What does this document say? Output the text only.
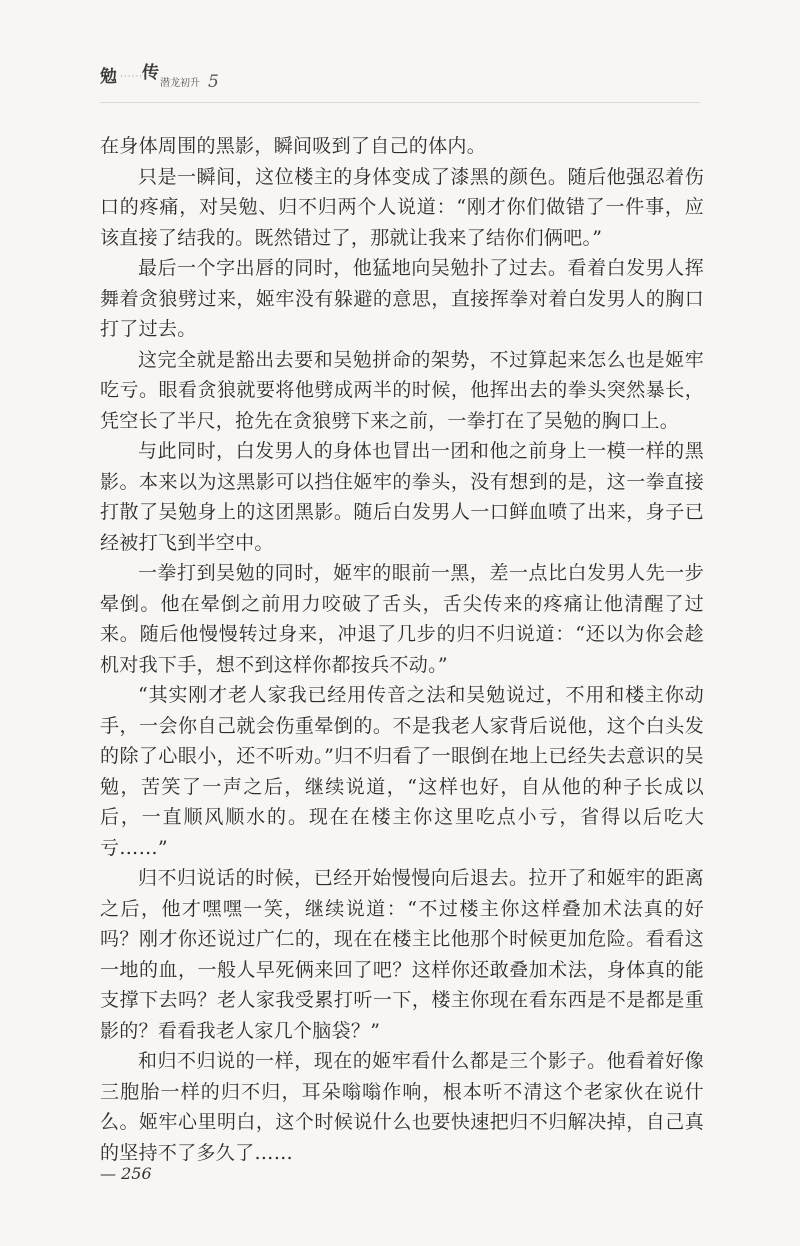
勉 ·······
传
潜龙初升 5

在身体周围的黑影，瞬间吸到了自己的体内。

只是一瞬间，这位楼主的身体变成了漆黑的颜色。随后他强忍着伤口的疼痛，对吴勉、归不归两个人说道：“刚才你们做错了一件事，应该直接了结我的。既然错过了，那就让我来了结你们俩吧。”

最后一个字出唇的同时，他猛地向吴勉扑了过去。看着白发男人挥舞着贪狼劈过来，姬牢没有躲避的意思，直接挥拳对着白发男人的胸口打了过去。

这完全就是豁出去要和吴勉拼命的架势，不过算起来怎么也是姬牢吃亏。眼看贪狼就要将他劈成两半的时候，他挥出去的拳头突然暴长，凭空长了半尺，抢先在贪狼劈下来之前，一拳打在了吴勉的胸口上。

与此同时，白发男人的身体也冒出一团和他之前身上一模一样的黑影。本来以为这黑影可以挡住姬牢的拳头，没有想到的是，这一拳直接打散了吴勉身上的这团黑影。随后白发男人一口鲜血喷了出来，身子已经被打飞到半空中。

一拳打到吴勉的同时，姬牢的眼前一黑，差一点比白发男人先一步晕倒。他在晕倒之前用力咬破了舌头，舌尖传来的疼痛让他清醒了过来。随后他慢慢转过身来，冲退了几步的归不归说道：“还以为你会趁机对我下手，想不到这样你都按兵不动。”

“其实刚才老人家我已经用传音之法和吴勉说过，不用和楼主你动手，一会你自己就会伤重晕倒的。不是我老人家背后说他，这个白头发的除了心眼小，还不听劝。”归不归看了一眼倒在地上已经失去意识的吴勉，苦笑了一声之后，继续说道，“这样也好，自从他的种子长成以后，一直顺风顺水的。现在在楼主你这里吃点小亏，省得以后吃大亏……”

归不归说话的时候，已经开始慢慢向后退去。拉开了和姬牢的距离之后，他才嘿嘿一笑，继续说道：“不过楼主你这样叠加术法真的好吗？刚才你还说过广仁的，现在在楼主比他那个时候更加危险。看看这一地的血，一般人早死俩来回了吧？这样你还敢叠加术法，身体真的能支撑下去吗？老人家我受累打听一下，楼主你现在看东西是不是都是重影的？看看我老人家几个脑袋？”

和归不归说的一样，现在的姬牢看什么都是三个影子。他看着好像三胞胎一样的归不归，耳朵嗡嗡作响，根本听不清这个老家伙在说什么。姬牢心里明白，这个时候说什么也要快速把归不归解决掉，自己真的坚持不了多久了……

— 256
